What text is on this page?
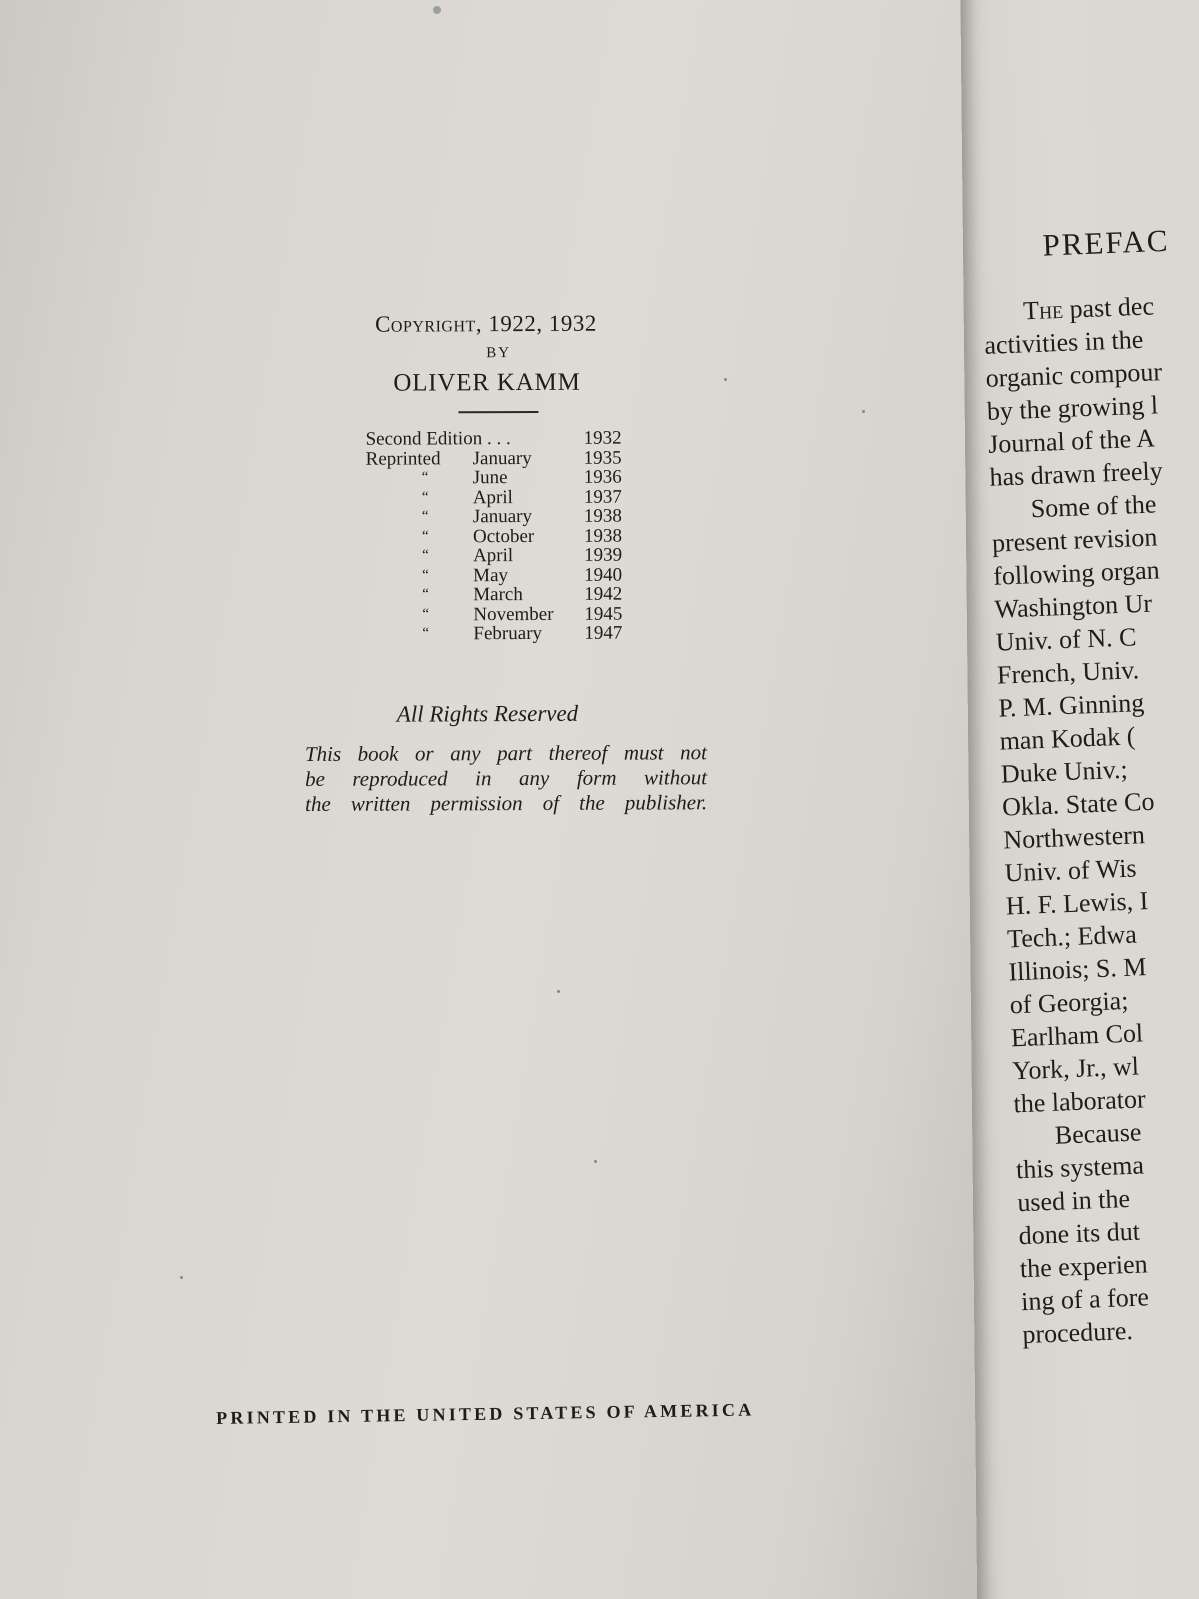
Copyright, 1922, 1932
BY
OLIVER KAMM
Second Edition . . .	1932
Reprinted January	1935
“ June	1936
“ April	1937
“ January	1938
“ October	1938
“ April	1939
“ May	1940
“ March	1942
“ November 1945
“ February 1947
All Rights Reserved
This book or any part thereof must not
be reproduced in any form without
the written permission of the publisher.
PRINTED IN THE UNITED STATES OF AMERICA
PREFAC
The past dec
activities in the
organic compour
by the growing l
Journal of the A
has drawn freely
Some of the
present revision
following organ
Washington Ur
Univ. of N. C
French, Univ.
P. M. Ginning
man Kodak (
Duke Univ.;
Okla. State Co
Northwestern
Univ. of Wis
H. F. Lewis, I
Tech.; Edwa
Illinois; S. M
of Georgia;
Earlham Col
York, Jr., wl
the laborator
Because
this systema
used in the
done its dut
the experien
ing of a fore
procedure.
